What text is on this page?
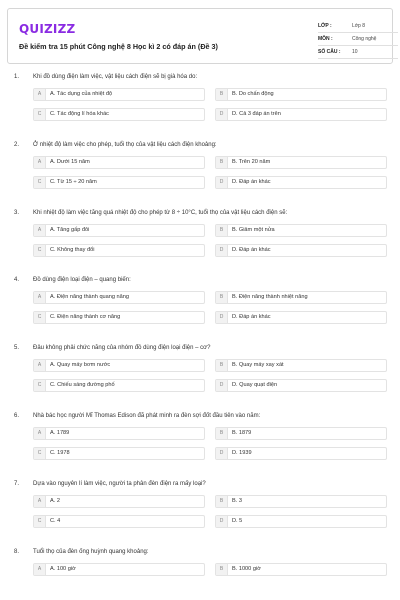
QUIZIZZ
Đề kiểm tra 15 phút Công nghệ 8 Học kì 2 có đáp án (Đề 3)
LỚP :	Lớp 8
MÔN :	Công nghệ
SỐ CÂU :	10
1. Khi đồ dùng điện làm việc, vật liệu cách điện sẽ bị già hóa do:
A	A. Tác dụng của nhiệt độ	B	B. Do chấn động
C	C. Tác động lí hóa khác	D	D. Cả 3 đáp án trên
2. Ở nhiệt độ làm việc cho phép, tuổi thọ của vật liệu cách điện khoảng:
A	A. Dưới 15 năm	B	B. Trên 20 năm
C	C. Từ 15 ÷ 20 năm	D	D. Đáp án khác
3. Khi nhiệt độ làm việc tăng quá nhiệt độ cho phép từ 8 ÷ 10°C, tuổi thọ của vật liệu cách điện sẽ:
A	A. Tăng gấp đôi	B	B. Giảm một nửa
C	C. Không thay đổi	D	D. Đáp án khác
4. Đồ dùng điện loại điện – quang biến:
A	A. Điện năng thành quang năng	B	B. Điện năng thành nhiệt năng
C	C. Điện năng thành cơ năng	D	D. Đáp án khác
5. Đâu không phải chức năng của nhóm đồ dùng điện loại điện – cơ?
A	A. Quay máy bơm nước	B	B. Quay máy xay xát
C	C. Chiếu sáng đường phố	D	D. Quay quạt điện
6. Nhà bác học người Mĩ Thomas Edison đã phát minh ra đèn sợi đốt đầu tiên vào năm:
A	A. 1789	B	B. 1879
C	C. 1978	D	D. 1939
7. Dựa vào nguyên lí làm việc, người ta phân đèn điện ra mấy loại?
A	A. 2	B	B. 3
C	C. 4	D	D. 5
8. Tuổi thọ của đèn ống huỳnh quang khoảng:
A	A. 100 giờ	B	B. 1000 giờ
